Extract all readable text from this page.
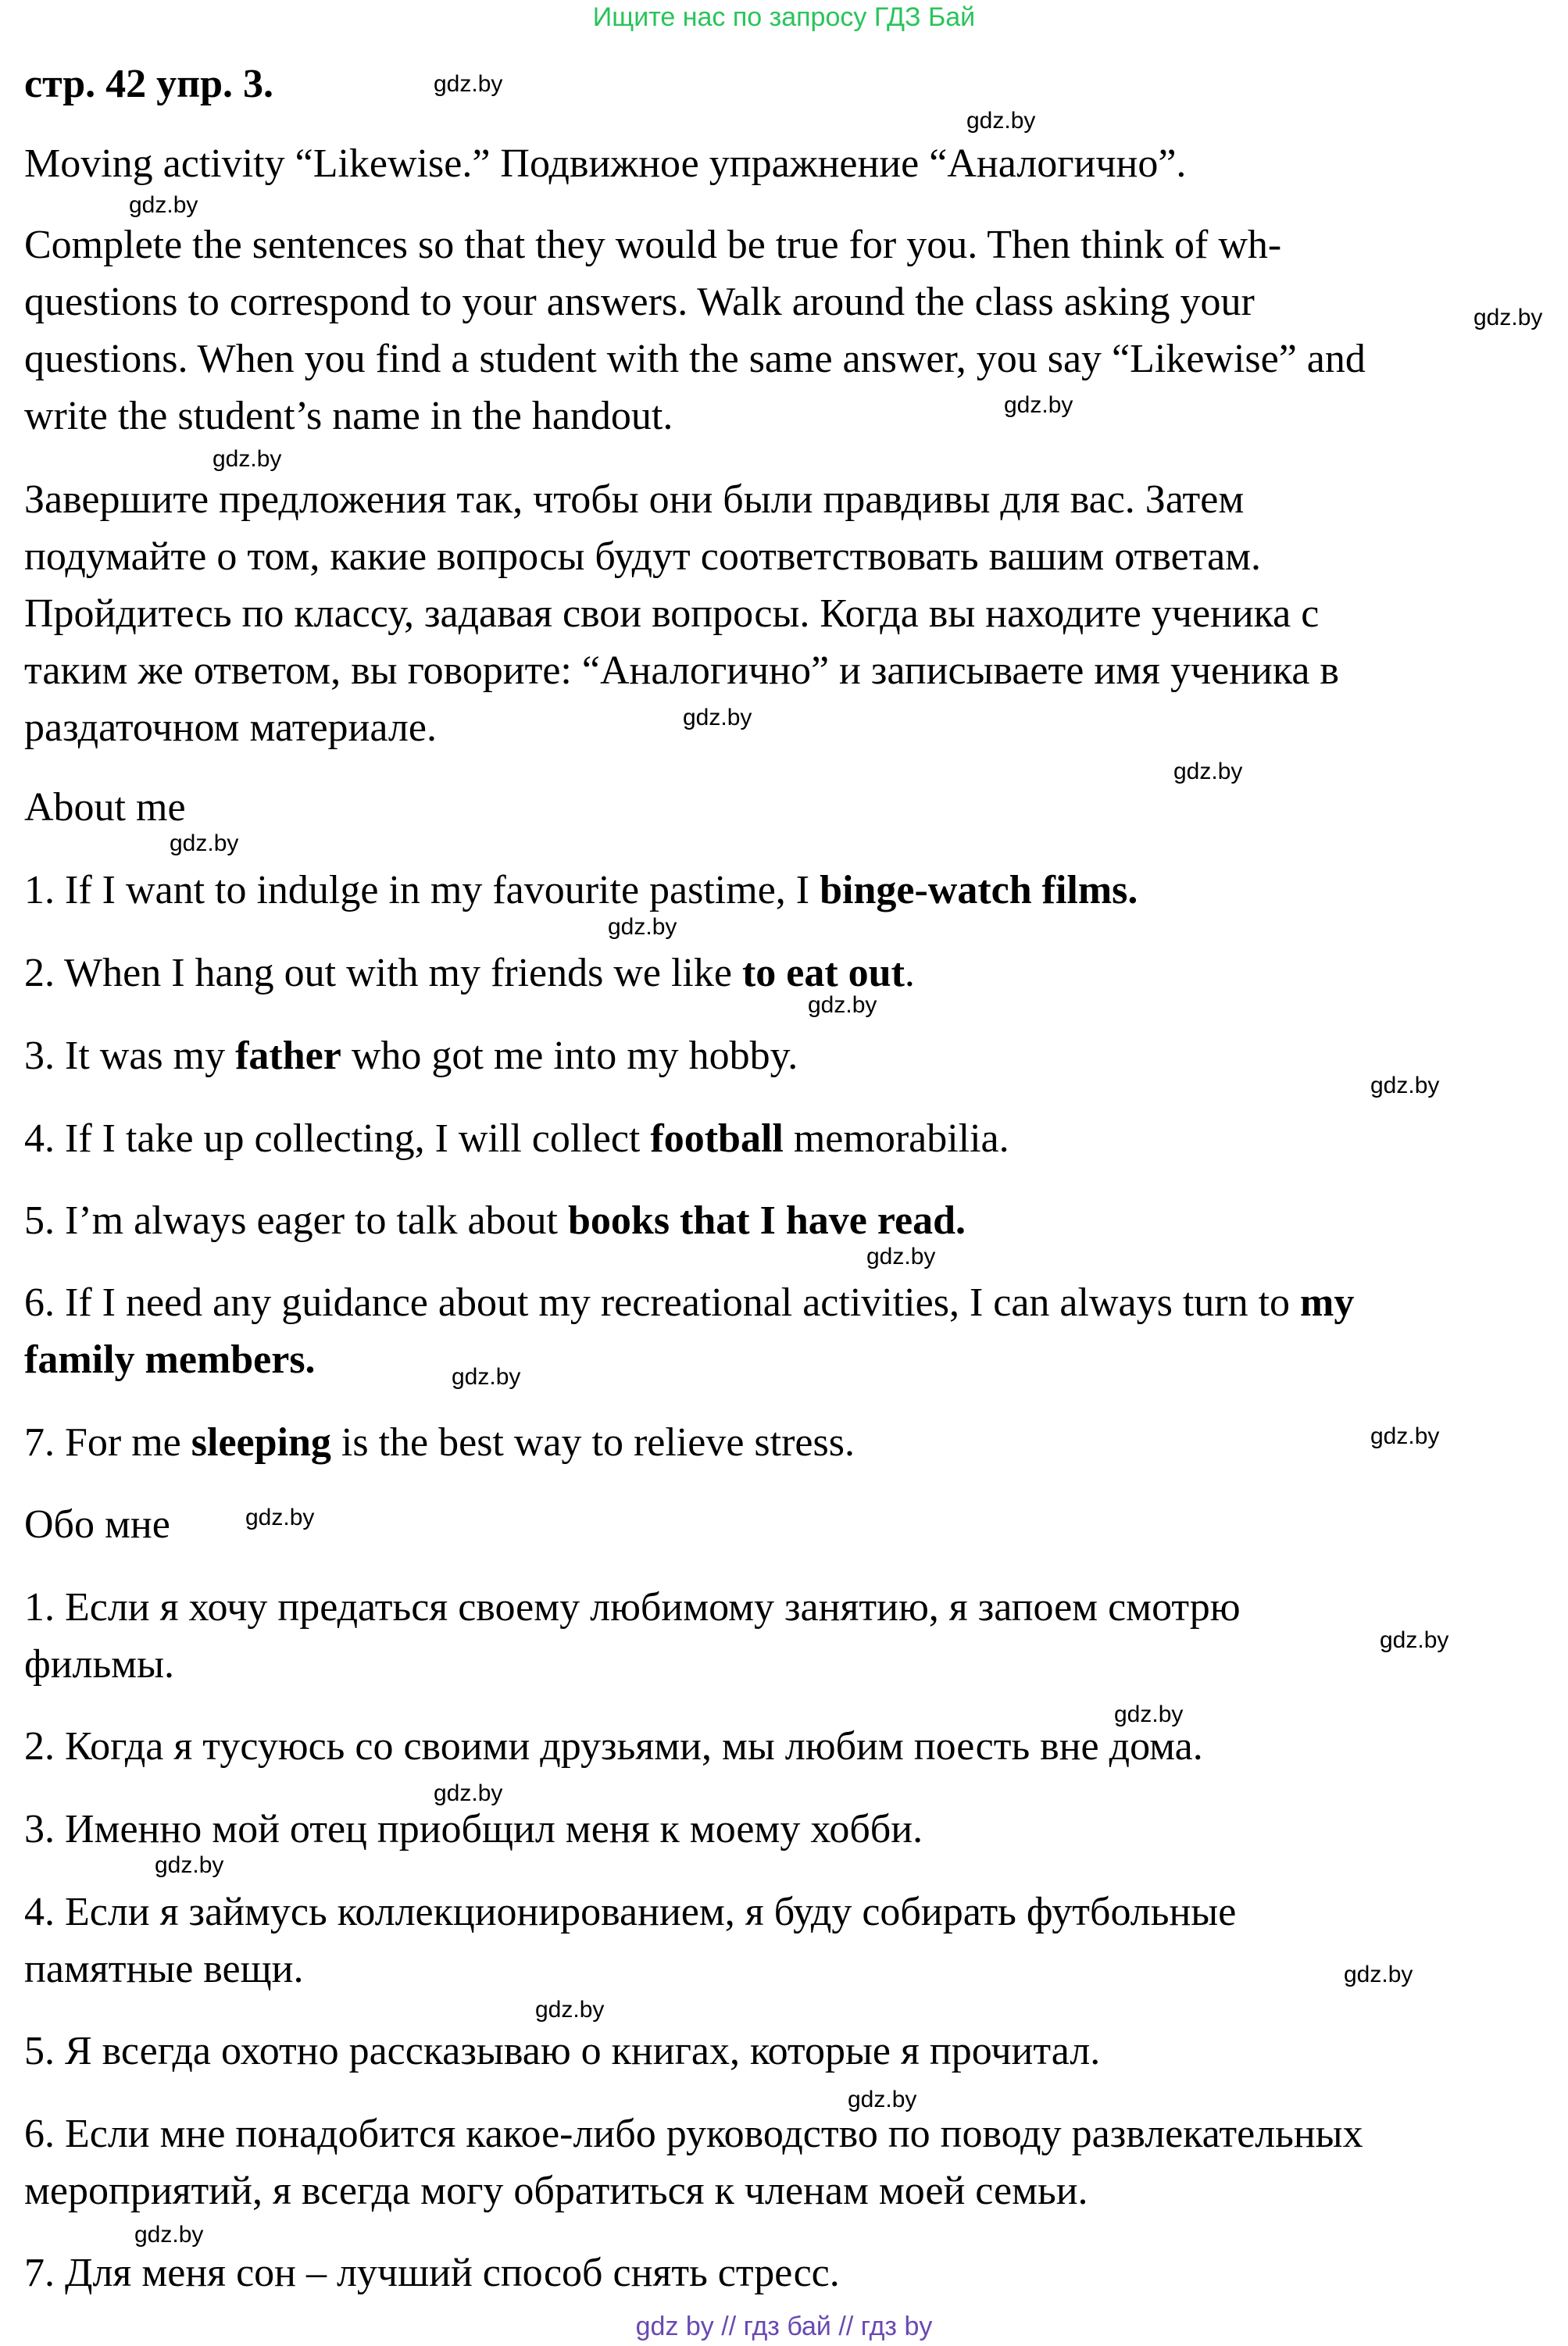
Ищите нас по запросу ГДЗ Бай
стр. 42 упр. 3.
Moving activity “Likewise.” Подвижное упражнение “Аналогично”.
Complete the sentences so that they would be true for you. Then think of wh-
questions to correspond to your answers. Walk around the class asking your
questions. When you find a student with the same answer, you say “Likewise” and
write the student’s name in the handout.
Завершите предложения так, чтобы они были правдивы для вас. Затем
подумайте о том, какие вопросы будут соответствовать вашим ответам.
Пройдитесь по классу, задавая свои вопросы. Когда вы находите ученика с
таким же ответом, вы говорите: “Аналогично” и записываете имя ученика в
раздаточном материале.
About me
1. If I want to indulge in my favourite pastime, I binge-watch films.
2. When I hang out with my friends we like to eat out.
3. It was my father who got me into my hobby.
4. If I take up collecting, I will collect football memorabilia.
5. I’m always eager to talk about books that I have read.
6. If I need any guidance about my recreational activities, I can always turn to my
family members.
7. For me sleeping is the best way to relieve stress.
Обо мне
1. Если я хочу предаться своему любимому занятию, я запоем смотрю
фильмы.
2. Когда я тусуюсь со своими друзьями, мы любим поесть вне дома.
3. Именно мой отец приобщил меня к моему хобби.
4. Если я займусь коллекционированием, я буду собирать футбольные
памятные вещи.
5. Я всегда охотно рассказываю о книгах, которые я прочитал.
6. Если мне понадобится какое-либо руководство по поводу развлекательных
мероприятий, я всегда могу обратиться к членам моей семьи.
7. Для меня сон – лучший способ снять стресс.
gdz.by
gdz.by
gdz.by
gdz.by
gdz.by
gdz.by
gdz.by
gdz.by
gdz.by
gdz.by
gdz.by
gdz.by
gdz.by
gdz.by
gdz.by
gdz.by
gdz.by
gdz.by
gdz.by
gdz.by
gdz.by
gdz.by
gdz.by
gdz.by
gdz by // гдз бай // гдз by
